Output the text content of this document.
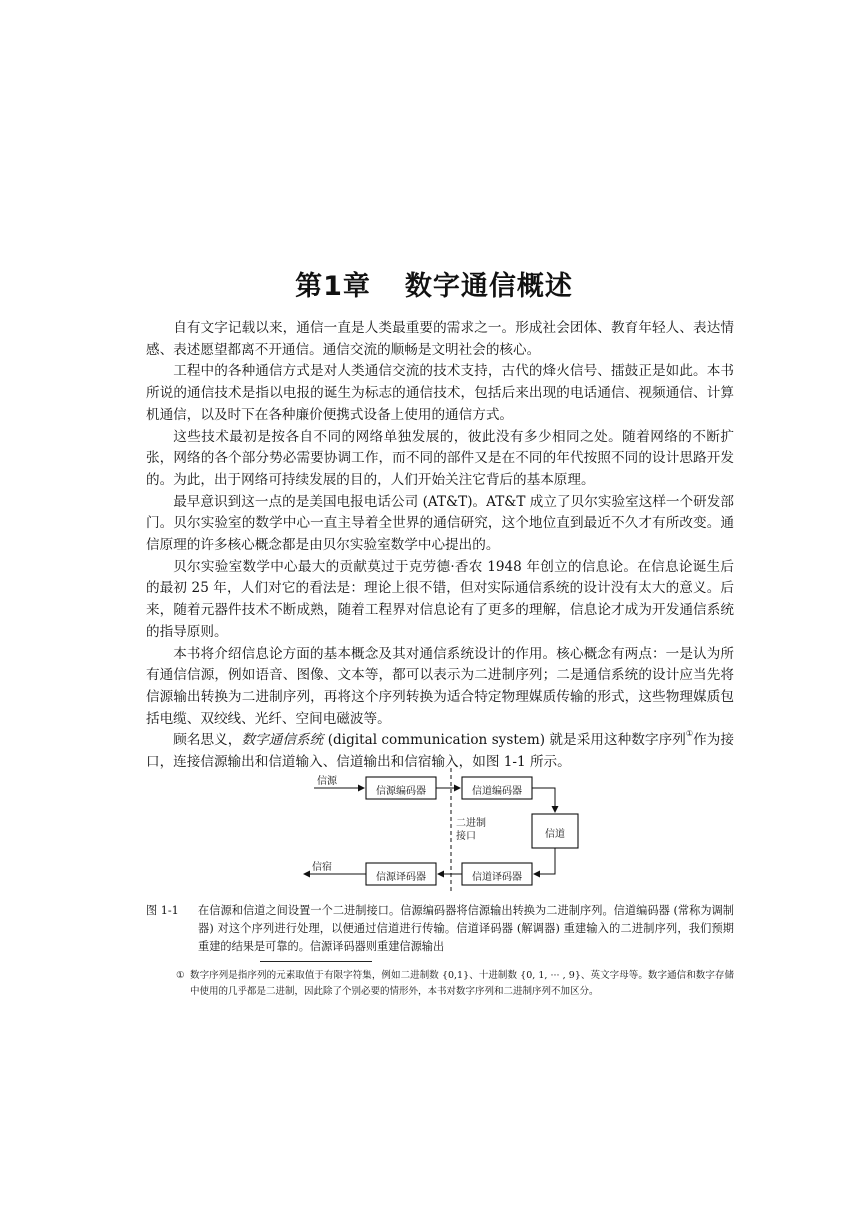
第1章 数字通信概述

自有文字记载以来，通信一直是人类最重要的需求之一。形成社会团体、教育年轻人、表达情感、表述愿望都离不开通信。通信交流的顺畅是文明社会的核心。

工程中的各种通信方式是对人类通信交流的技术支持，古代的烽火信号、擂鼓正是如此。本书所说的通信技术是指以电报的诞生为标志的通信技术，包括后来出现的电话通信、视频通信、计算机通信，以及时下在各种廉价便携式设备上使用的通信方式。

这些技术最初是按各自不同的网络单独发展的，彼此没有多少相同之处。随着网络的不断扩张，网络的各个部分势必需要协调工作，而不同的部件又是在不同的年代按照不同的设计思路开发的。为此，出于网络可持续发展的目的，人们开始关注它背后的基本原理。

最早意识到这一点的是美国电报电话公司 (AT&T)。AT&T 成立了贝尔实验室这样一个研发部门。贝尔实验室的数学中心一直主导着全世界的通信研究，这个地位直到最近不久才有所改变。通信原理的许多核心概念都是由贝尔实验室数学中心提出的。

贝尔实验室数学中心最大的贡献莫过于克劳德·香农 1948 年创立的信息论。在信息论诞生后的最初 25 年，人们对它的看法是：理论上很不错，但对实际通信系统的设计没有太大的意义。后来，随着元器件技术不断成熟，随着工程界对信息论有了更多的理解，信息论才成为开发通信系统的指导原则。

本书将介绍信息论方面的基本概念及其对通信系统设计的作用。核心概念有两点：一是认为所有通信信源，例如语音、图像、文本等，都可以表示为二进制序列；二是通信系统的设计应当先将信源输出转换为二进制序列，再将这个序列转换为适合特定物理媒质传输的形式，这些物理媒质包括电缆、双绞线、光纤、空间电磁波等。

顾名思义，数字通信系统 (digital communication system) 就是采用这种数字序列①作为接口，连接信源输出和信道输入、信道输出和信宿输入，如图 1-1 所示。

信源
信宿
信源编码器	信道编码器
信道
信道译码器
信源译码器
二进制
接口
图 1-1	在信源和信道之间设置一个二进制接口。信源编码器将信源输出转换为二进制序列。信道编码器 (常称为调制器) 对这个序列进行处理，以便通过信道进行传输。信道译码器 (解调器) 重建输入的二进制序列，我们预期重建的结果是可靠的。信源译码器则重建信源输出
① 数字序列是指序列的元素取值于有限字符集，例如二进制数 {0,1}、十进制数 {0, 1, ··· , 9}、英文字母等。数字通信和数字存储中使用的几乎都是二进制，因此除了个别必要的情形外，本书对数字序列和二进制序列不加区分。
